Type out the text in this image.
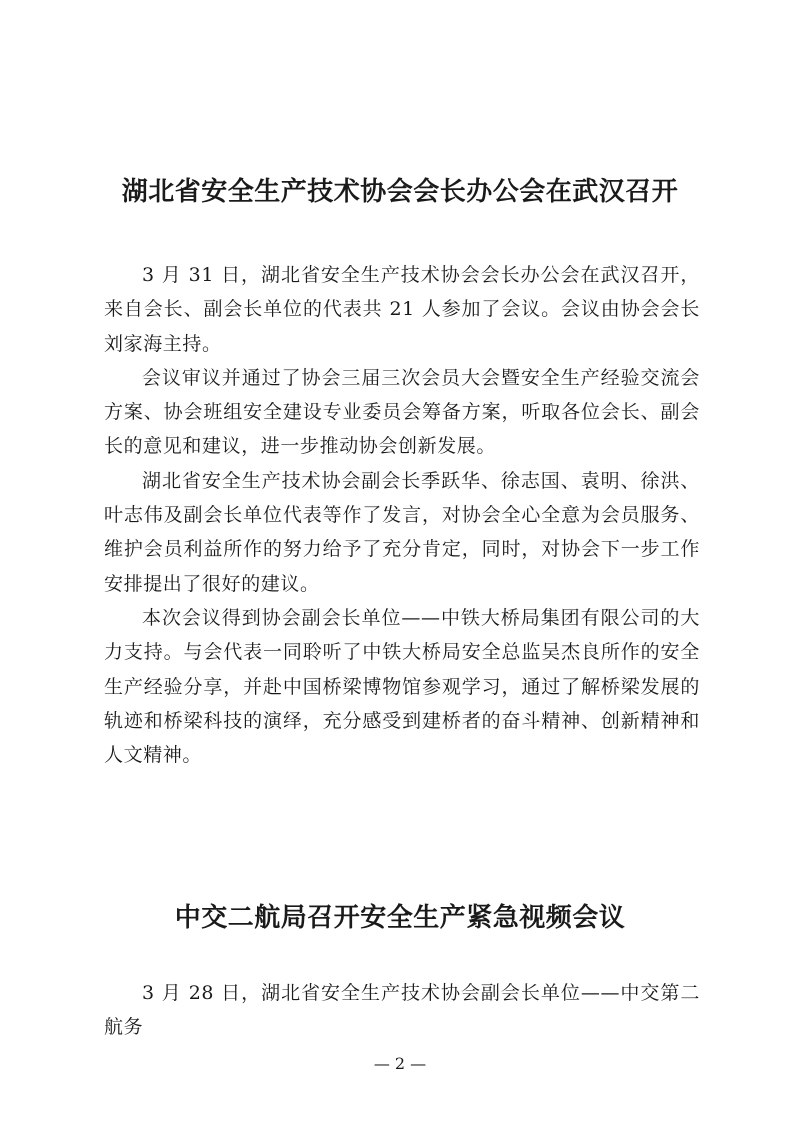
湖北省安全生产技术协会会长办公会在武汉召开

3 月 31 日，湖北省安全生产技术协会会长办公会在武汉召开，来自会长、副会长单位的代表共 21 人参加了会议。会议由协会会长刘家海主持。

会议审议并通过了协会三届三次会员大会暨安全生产经验交流会方案、协会班组安全建设专业委员会筹备方案，听取各位会长、副会长的意见和建议，进一步推动协会创新发展。

湖北省安全生产技术协会副会长季跃华、徐志国、袁明、徐洪、叶志伟及副会长单位代表等作了发言，对协会全心全意为会员服务、维护会员利益所作的努力给予了充分肯定，同时，对协会下一步工作安排提出了很好的建议。

本次会议得到协会副会长单位——中铁大桥局集团有限公司的大力支持。与会代表一同聆听了中铁大桥局安全总监吴杰良所作的安全生产经验分享，并赴中国桥梁博物馆参观学习，通过了解桥梁发展的轨迹和桥梁科技的演绎，充分感受到建桥者的奋斗精神、创新精神和人文精神。

中交二航局召开安全生产紧急视频会议

3 月 28 日，湖北省安全生产技术协会副会长单位——中交第二航务

— 2 —
